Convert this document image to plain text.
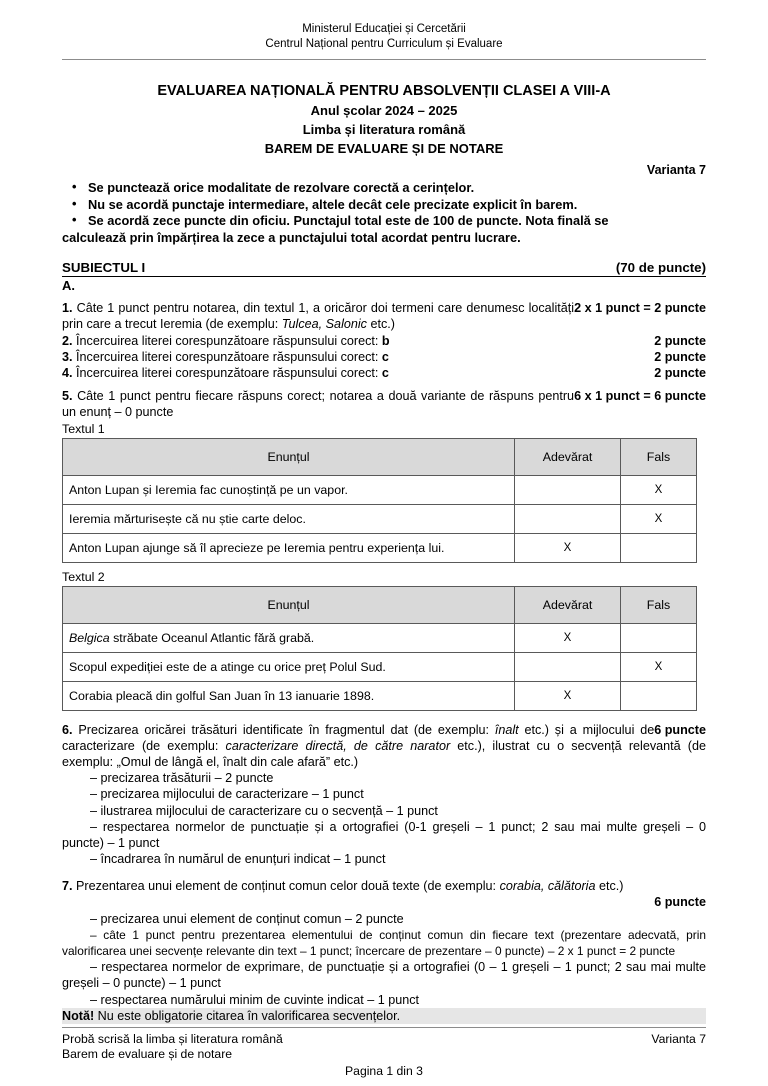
Ministerul Educației și Cercetării
Centrul Național pentru Curriculum și Evaluare
EVALUAREA NAȚIONALĂ PENTRU ABSOLVENȚII CLASEI A VIII-A
Anul școlar 2024 – 2025
Limba și literatura română
BAREM DE EVALUARE ȘI DE NOTARE
Varianta 7
• Se punctează orice modalitate de rezolvare corectă a cerințelor.
• Nu se acordă punctaje intermediare, altele decât cele precizate explicit în barem.
• Se acordă zece puncte din oficiu. Punctajul total este de 100 de puncte. Nota finală se
calculează prin împărțirea la zece a punctajului total acordat pentru lucrare.
SUBIECTUL I	(70 de puncte)
A.
2 x 1 punct = 2 puncte
1. Câte 1 punct pentru notarea, din textul 1, a oricăror doi termeni care denumesc localități prin care a trecut Ieremia (de exemplu: Tulcea, Salonic etc.)
2. Încercuirea literei corespunzătoare răspunsului corect: b	2 puncte
3. Încercuirea literei corespunzătoare răspunsului corect: c	2 puncte
4. Încercuirea literei corespunzătoare răspunsului corect: c	2 puncte
6 x 1 punct = 6 puncte
5. Câte 1 punct pentru fiecare răspuns corect; notarea a două variante de răspuns pentru un enunț – 0 puncte
Textul 1
Enunțul	Adevărat	Fals
Anton Lupan și Ieremia fac cunoștință pe un vapor.		X
Ieremia mărturisește că nu știe carte deloc.		X
Anton Lupan ajunge să îl aprecieze pe Ieremia pentru experiența lui.	X	
Textul 2
Enunțul	Adevărat	Fals
Belgica străbate Oceanul Atlantic fără grabă.	X	
Scopul expediției este de a atinge cu orice preț Polul Sud.		X
Corabia pleacă din golful San Juan în 13 ianuarie 1898.	X	
6 puncte
6. Precizarea oricărei trăsături identificate în fragmentul dat (de exemplu: înalt etc.) și a mijlocului de caracterizare (de exemplu: caracterizare directă, de către narator etc.), ilustrat cu o secvență relevantă (de exemplu: „Omul de lângă el, înalt din cale afară” etc.)
– precizarea trăsăturii – 2 puncte
– precizarea mijlocului de caracterizare – 1 punct
– ilustrarea mijlocului de caracterizare cu o secvență – 1 punct
– respectarea normelor de punctuație și a ortografiei (0-1 greșeli – 1 punct; 2 sau mai multe greșeli – 0 puncte) – 1 punct
– încadrarea în numărul de enunțuri indicat – 1 punct
7. Prezentarea unui element de conținut comun celor două texte (de exemplu: corabia, călătoria etc.)
6 puncte
– precizarea unui element de conținut comun – 2 puncte
– câte 1 punct pentru prezentarea elementului de conținut comun din fiecare text (prezentare adecvată, prin valorificarea unei secvențe relevante din text – 1 punct; încercare de prezentare – 0 puncte) – 2 x 1 punct = 2 puncte
– respectarea normelor de exprimare, de punctuație și a ortografiei (0 – 1 greșeli – 1 punct; 2 sau mai multe greșeli – 0 puncte) – 1 punct
– respectarea numărului minim de cuvinte indicat – 1 punct
Notă! Nu este obligatorie citarea în valorificarea secvențelor.
Probă scrisă la limba și literatura română
Barem de evaluare și de notare
Varianta 7
Pagina 1 din 3
